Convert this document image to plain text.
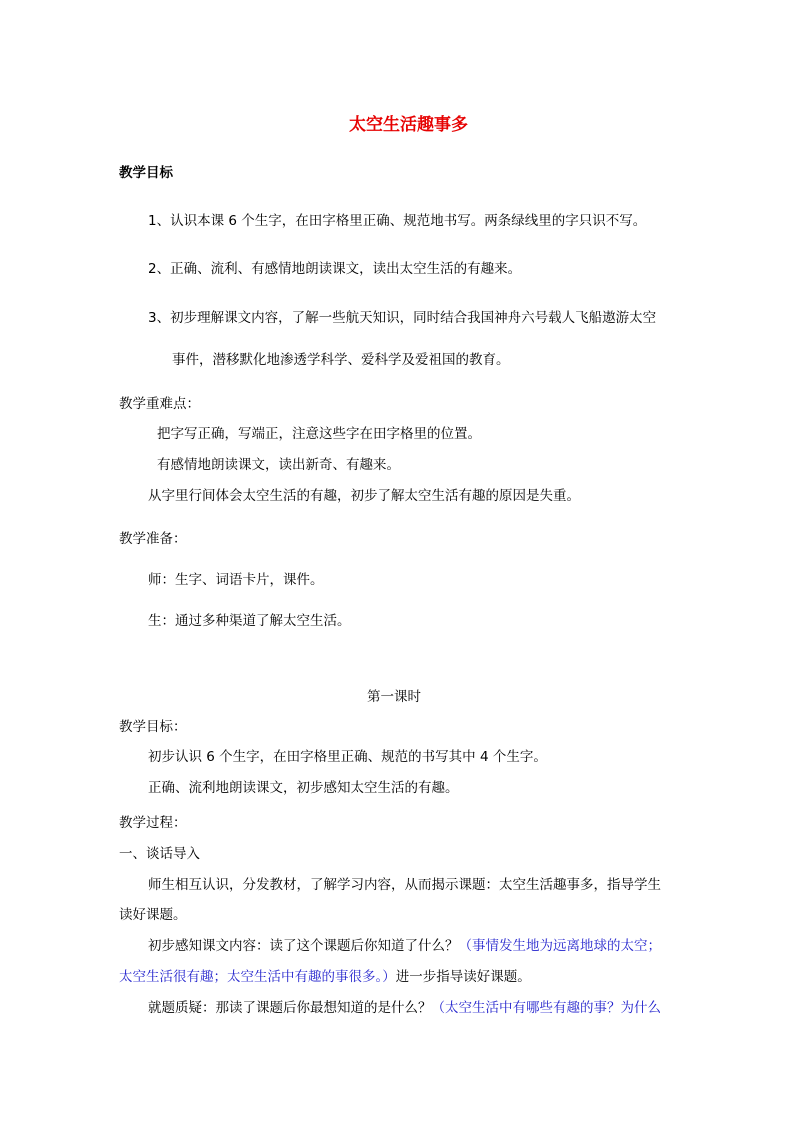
太空生活趣事多
教学目标
1、认识本课 6 个生字，在田字格里正确、规范地书写。两条绿线里的字只识不写。
2、正确、流利、有感情地朗读课文，读出太空生活的有趣来。
3、初步理解课文内容，了解一些航天知识，同时结合我国神舟六号载人飞船遨游太空
事件，潜移默化地渗透学科学、爱科学及爱祖国的教育。
教学重难点：
把字写正确，写端正，注意这些字在田字格里的位置。
有感情地朗读课文，读出新奇、有趣来。
从字里行间体会太空生活的有趣，初步了解太空生活有趣的原因是失重。
教学准备：
师：生字、词语卡片，课件。
生：通过多种渠道了解太空生活。
第一课时
教学目标：
初步认识 6 个生字，在田字格里正确、规范的书写其中 4 个生字。
正确、流利地朗读课文，初步感知太空生活的有趣。
教学过程：
一、谈话导入
师生相互认识，分发教材，了解学习内容，从而揭示课题：太空生活趣事多，指导学生
读好课题。
初步感知课文内容：读了这个课题后你知道了什么？（事情发生地为远离地球的太空；
太空生活很有趣；太空生活中有趣的事很多。）进一步指导读好课题。
就题质疑：那读了课题后你最想知道的是什么？（太空生活中有哪些有趣的事？为什么
